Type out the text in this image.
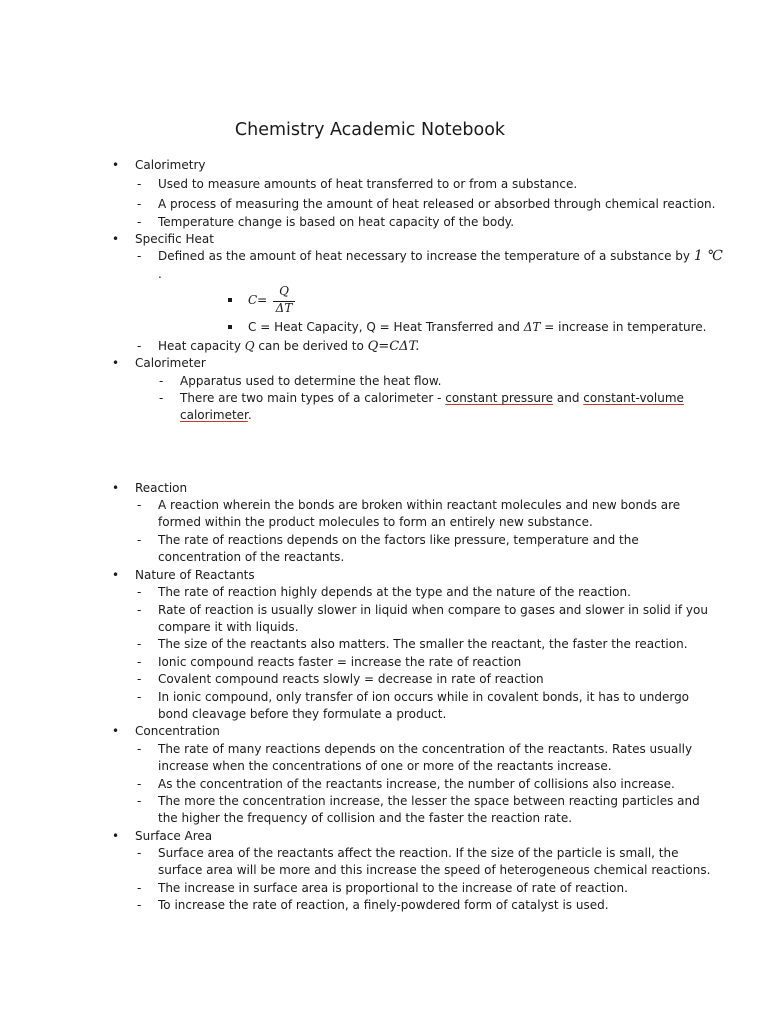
Chemistry Academic Notebook
• Calorimetry
- Used to measure amounts of heat transferred to or from a substance.
- A process of measuring the amount of heat released or absorbed through chemical reaction.
- Temperature change is based on heat capacity of the body.
• Specific Heat
- Defined as the amount of heat necessary to increase the temperature of a substance by 1 ℃
.
C=
Q
ΔT
C = Heat Capacity, Q = Heat Transferred and ΔT = increase in temperature.
- Heat capacity Q can be derived to Q=CΔT.
• Calorimeter
- Apparatus used to determine the heat flow.
- There are two main types of a calorimeter - constant pressure and constant-volume
calorimeter.
• Reaction
- A reaction wherein the bonds are broken within reactant molecules and new bonds are
formed within the product molecules to form an entirely new substance.
- The rate of reactions depends on the factors like pressure, temperature and the
concentration of the reactants.
• Nature of Reactants
- The rate of reaction highly depends at the type and the nature of the reaction.
- Rate of reaction is usually slower in liquid when compare to gases and slower in solid if you
compare it with liquids.
- The size of the reactants also matters. The smaller the reactant, the faster the reaction.
- Ionic compound reacts faster = increase the rate of reaction
- Covalent compound reacts slowly = decrease in rate of reaction
- In ionic compound, only transfer of ion occurs while in covalent bonds, it has to undergo
bond cleavage before they formulate a product.
• Concentration
- The rate of many reactions depends on the concentration of the reactants. Rates usually
increase when the concentrations of one or more of the reactants increase.
- As the concentration of the reactants increase, the number of collisions also increase.
- The more the concentration increase, the lesser the space between reacting particles and
the higher the frequency of collision and the faster the reaction rate.
• Surface Area
- Surface area of the reactants affect the reaction. If the size of the particle is small, the
surface area will be more and this increase the speed of heterogeneous chemical reactions.
- The increase in surface area is proportional to the increase of rate of reaction.
- To increase the rate of reaction, a finely-powdered form of catalyst is used.
